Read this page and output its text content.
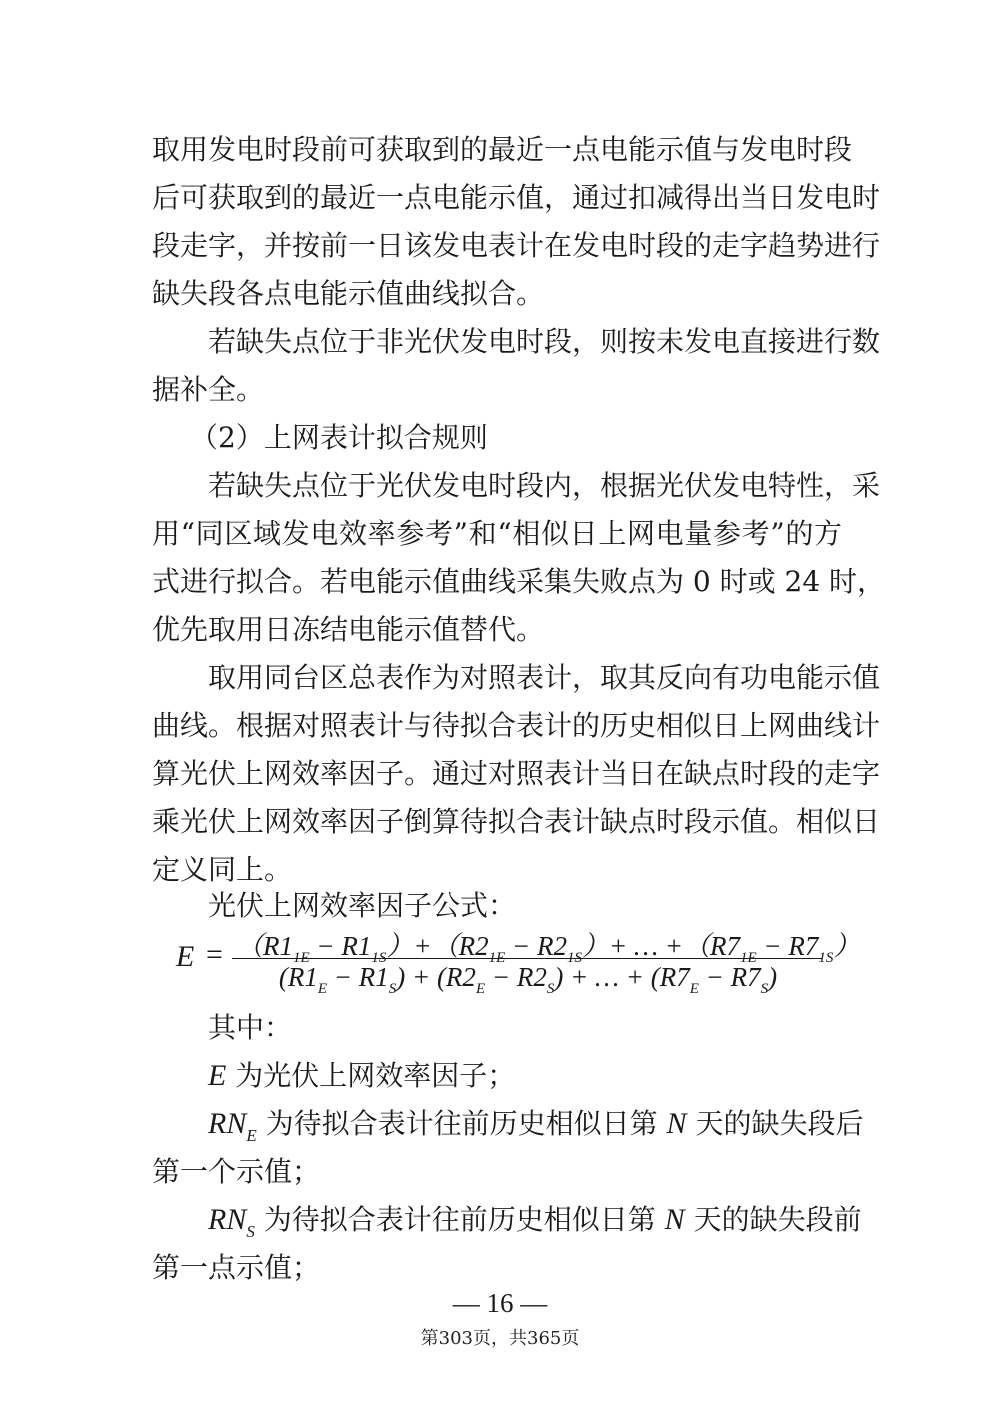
取用发电时段前可获取到的最近一点电能示值与发电时段
后可获取到的最近一点电能示值，通过扣减得出当日发电时
段走字，并按前一日该发电表计在发电时段的走字趋势进行
缺失段各点电能示值曲线拟合。
若缺失点位于非光伏发电时段，则按未发电直接进行数
据补全。
（2）上网表计拟合规则
若缺失点位于光伏发电时段内，根据光伏发电特性，采
用“同区域发电效率参考”和“相似日上网电量参考”的方
式进行拟合。若电能示值曲线采集失败点为 0 时或 24 时，
优先取用日冻结电能示值替代。
取用同台区总表作为对照表计，取其反向有功电能示值
曲线。根据对照表计与待拟合表计的历史相似日上网曲线计
算光伏上网效率因子。通过对照表计当日在缺点时段的走字
乘光伏上网效率因子倒算待拟合表计缺点时段示值。相似日
定义同上。
光伏上网效率因子公式：
$E = (R1_{1E} - R1_{1S})+(R2_{1E} - R2_{1S})+$ … $+(R7_{1E} - R7_{1S})$
$(R1_E - R1_S) + (R2_E - R2_S)$ + … + $(R7_E - R7_S)$
其中：
E 为光伏上网效率因子；
$RN_E$ 为待拟合表计往前历史相似日第 N 天的缺失段后
第一个示值；
$RN_S$ 为待拟合表计往前历史相似日第 N 天的缺失段前
第一点示值；
— 16 —
第303页，共365页
